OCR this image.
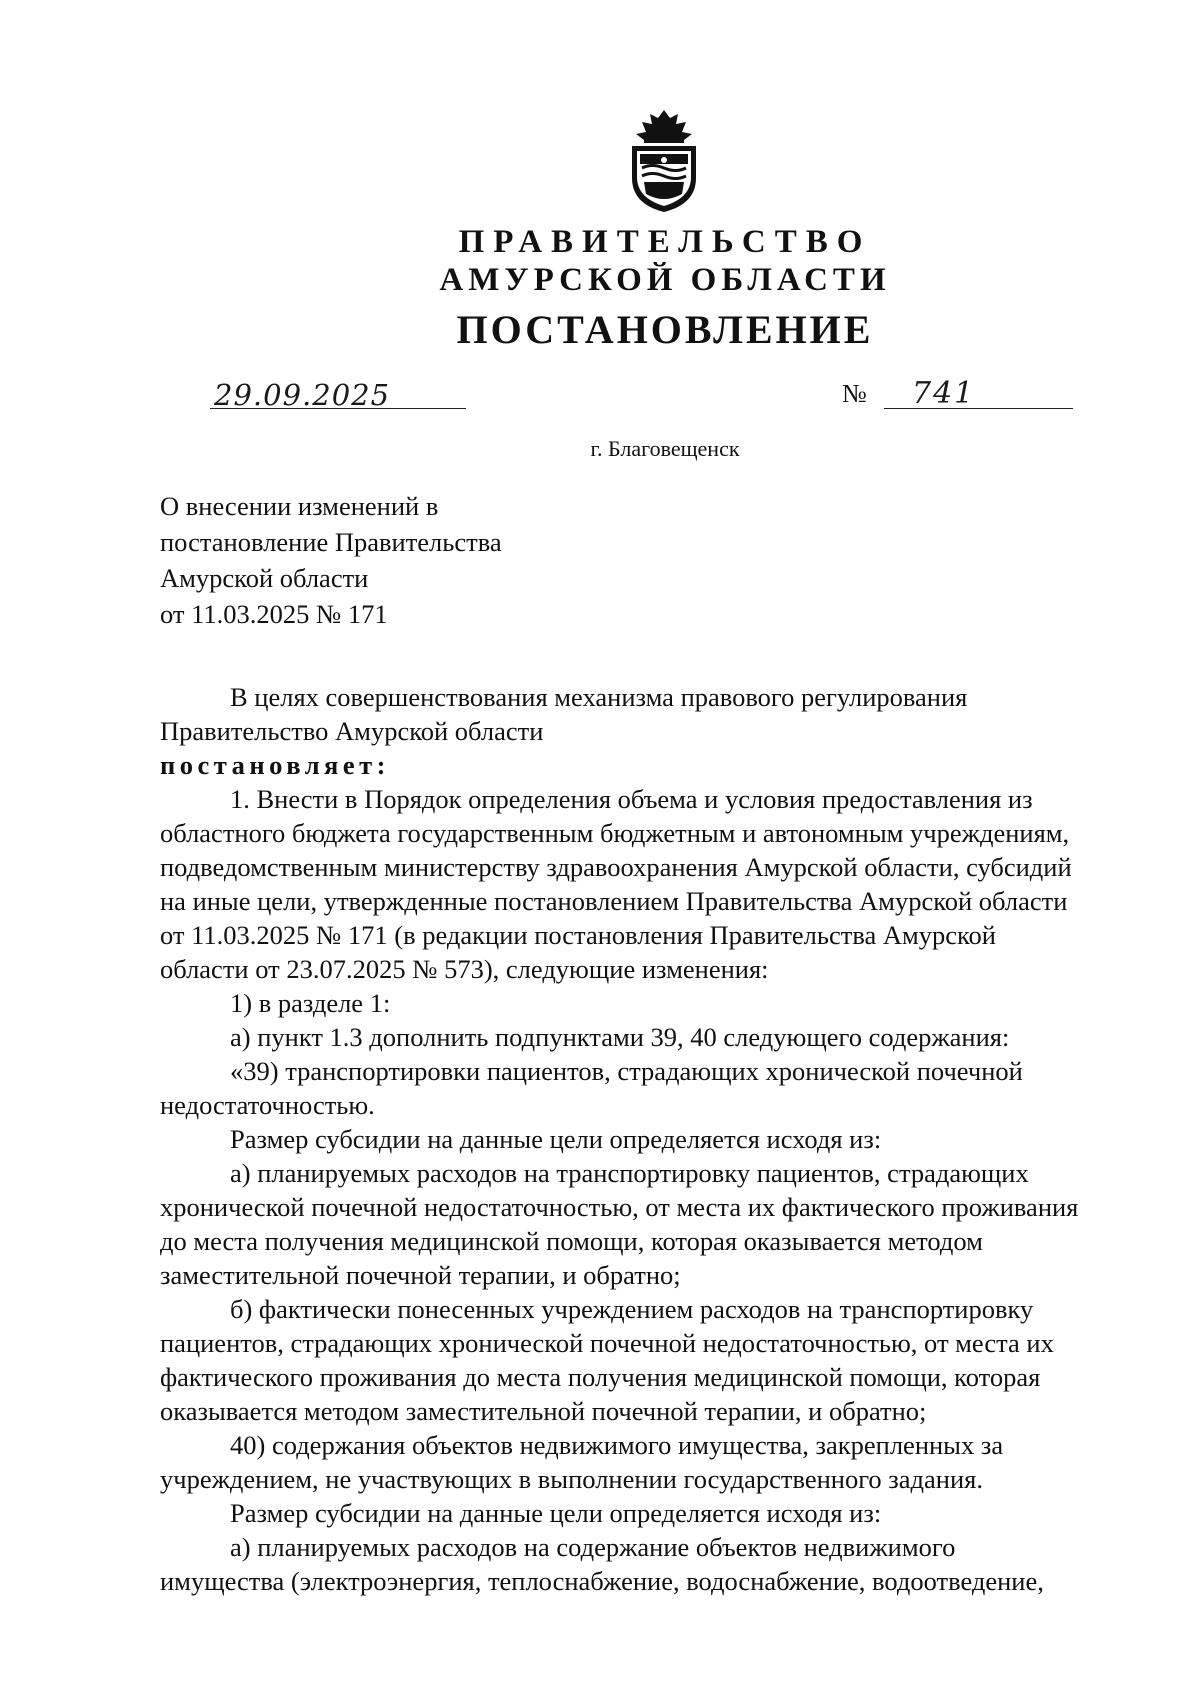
ПРАВИТЕЛЬСТВО
АМУРСКОЙ ОБЛАСТИ
ПОСТАНОВЛЕНИЕ
29.09.2025	№ 741
г. Благовещенск
О внесении изменений в
постановление Правительства
Амурской области
от 11.03.2025 № 171
В целях совершенствования механизма правового регулирования
Правительство Амурской области
постановляет:
1. Внести в Порядок определения объема и условия предоставления из
областного бюджета государственным бюджетным и автономным учреждениям,
подведомственным министерству здравоохранения Амурской области, субсидий
на иные цели, утвержденные постановлением Правительства Амурской области
от 11.03.2025 № 171 (в редакции постановления Правительства Амурской
области от 23.07.2025 № 573), следующие изменения:
1) в разделе 1:
а) пункт 1.3 дополнить подпунктами 39, 40 следующего содержания:
«39) транспортировки пациентов, страдающих хронической почечной
недостаточностью.
Размер субсидии на данные цели определяется исходя из:
а) планируемых расходов на транспортировку пациентов, страдающих
хронической почечной недостаточностью, от места их фактического проживания
до места получения медицинской помощи, которая оказывается методом
заместительной почечной терапии, и обратно;
б) фактически понесенных учреждением расходов на транспортировку
пациентов, страдающих хронической почечной недостаточностью, от места их
фактического проживания до места получения медицинской помощи, которая
оказывается методом заместительной почечной терапии, и обратно;
40) содержания объектов недвижимого имущества, закрепленных за
учреждением, не участвующих в выполнении государственного задания.
Размер субсидии на данные цели определяется исходя из:
а) планируемых расходов на содержание объектов недвижимого
имущества (электроэнергия, теплоснабжение, водоснабжение, водоотведение,
